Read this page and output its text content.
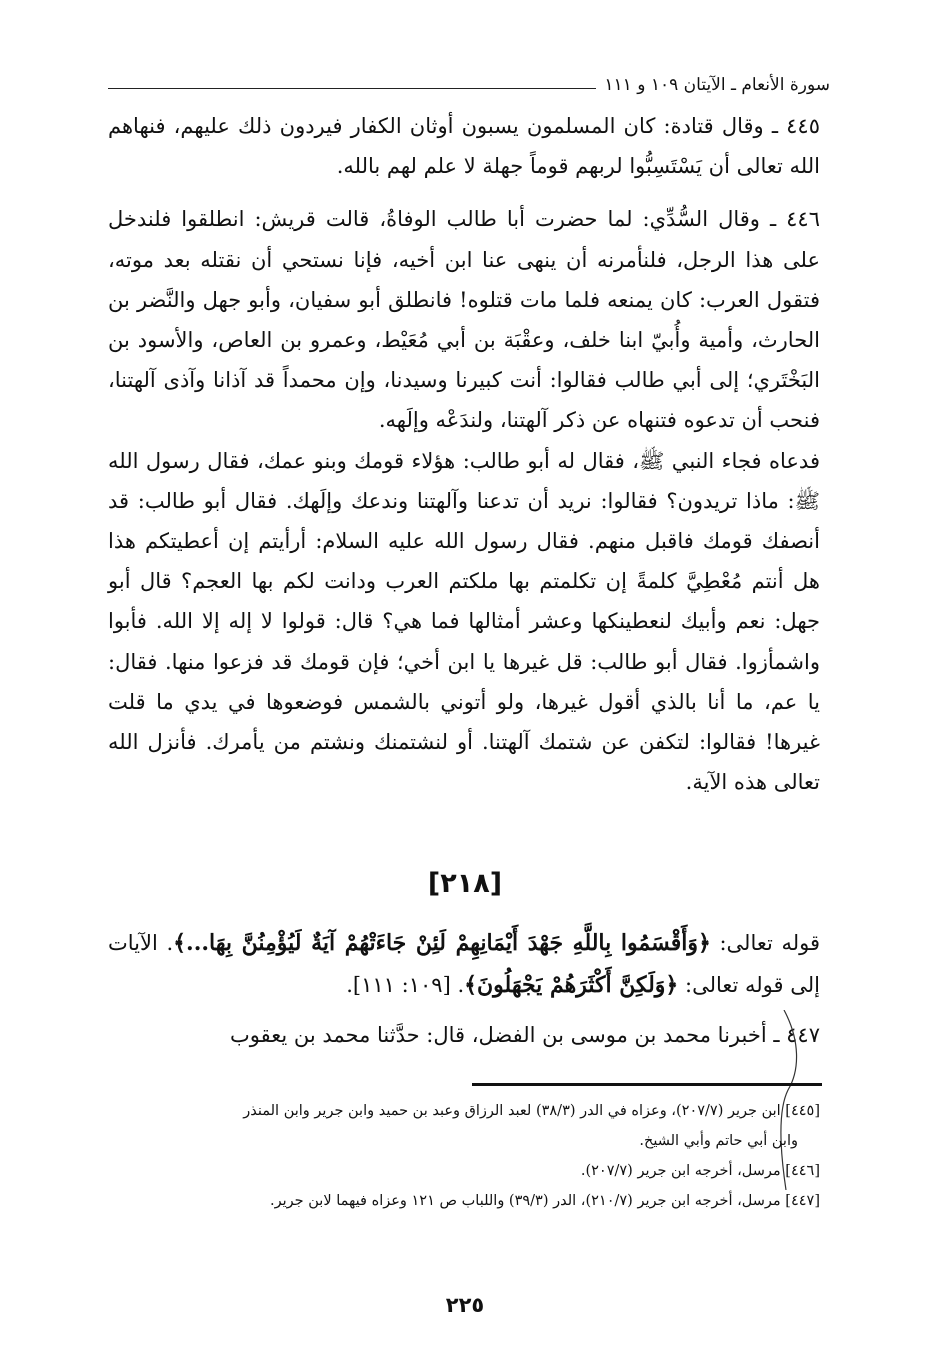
سورة الأنعام ـ الآيتان ١٠٩ و ١١١

٤٤٥ ـ وقال قتادة: كان المسلمون يسبون أوثان الكفار فيردون ذلك عليهم، فنهاهم الله تعالى أن يَسْتَسِبُّوا لربهم قوماً جهلة لا علم لهم بالله.

٤٤٦ ـ وقال السُّدِّي: لما حضرت أبا طالب الوفاةُ، قالت قريش: انطلقوا فلندخل على هذا الرجل، فلنأمرنه أن ينهى عنا ابن أخيه، فإنا نستحي أن نقتله بعد موته، فتقول العرب: كان يمنعه فلما مات قتلوه! فانطلق أبو سفيان، وأبو جهل والنَّضر بن الحارث، وأمية وأُبيّ ابنا خلف، وعقْبَة بن أبي مُعَيْط، وعمرو بن العاص، والأسود بن البَخْتَري؛ إلى أبي طالب فقالوا: أنت كبيرنا وسيدنا، وإن محمداً قد آذانا وآذى آلهتنا، فنحب أن تدعوه فتنهاه عن ذكر آلهتنا، ولندَعْه وإلَهه.

فدعاه فجاء النبي ﷺ، فقال له أبو طالب: هؤلاء قومك وبنو عمك، فقال رسول الله ﷺ: ماذا تريدون؟ فقالوا: نريد أن تدعنا وآلهتنا وندعك وإلَهك. فقال أبو طالب: قد أنصفك قومك فاقبل منهم. فقال رسول الله عليه السلام: أرأيتم إن أعطيتكم هذا هل أنتم مُعْطِيَّ كلمةً إن تكلمتم بها ملكتم العرب ودانت لكم بها العجم؟ قال أبو جهل: نعم وأبيك لنعطينكها وعشر أمثالها فما هي؟ قال: قولوا لا إله إلا الله. فأبوا واشمأزوا. فقال أبو طالب: قل غيرها يا ابن أخي؛ فإن قومك قد فزعوا منها. فقال: يا عم، ما أنا بالذي أقول غيرها، ولو أتوني بالشمس فوضعوها في يدي ما قلت غيرها! فقالوا: لتكفن عن شتمك آلهتنا. أو لنشتمنك ونشتم من يأمرك. فأنزل الله تعالى هذه الآية.

[٢١٨]

قوله تعالى: ﴿وَأَقْسَمُوا بِاللَّهِ جَهْدَ أَيْمَانِهِمْ لَئِنْ جَاءَتْهُمْ آيَةٌ لَيُؤْمِنُنَّ بِهَا...﴾. الآيات إلى قوله تعالى: ﴿وَلَكِنَّ أَكْثَرَهُمْ يَجْهَلُونَ﴾. [١٠٩: ١١١].

٤٤٧ ـ أخبرنا محمد بن موسى بن الفضل، قال: حدَّثنا محمد بن يعقوب

[٤٤٥] ابن جرير (٢٠٧/٧)، وعزاه في الدر (٣٨/٣) لعبد الرزاق وعبد بن حميد وابن جرير وابن المنذر

وابن أبي حاتم وأبي الشيخ.

[٤٤٦] مرسل، أخرجه ابن جرير (٢٠٧/٧).

[٤٤٧] مرسل، أخرجه ابن جرير (٢١٠/٧)، الدر (٣٩/٣) واللباب ص ١٢١ وعزاه فيهما لابن جرير.

٢٢٥
